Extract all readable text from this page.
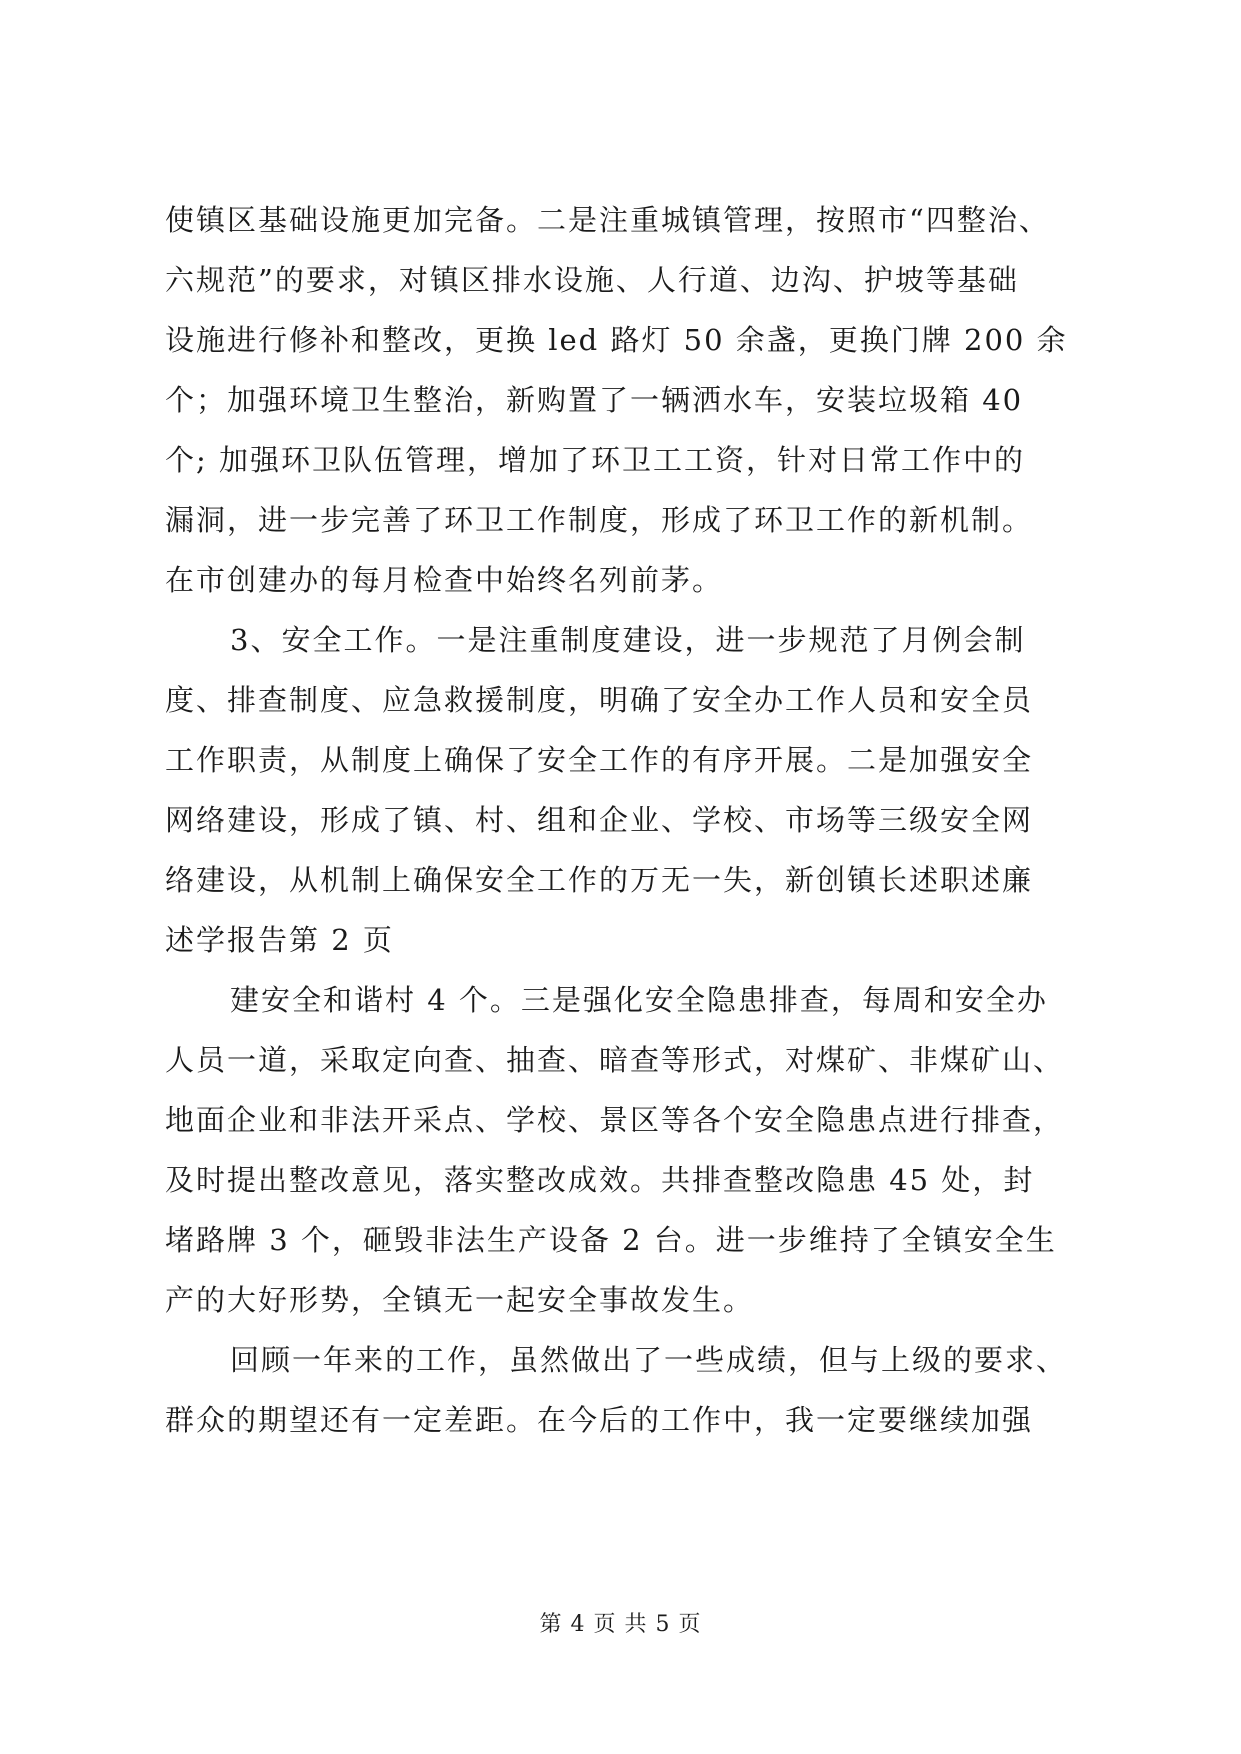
使镇区基础设施更加完备。二是注重城镇管理，按照市“四整治、
六规范”的要求，对镇区排水设施、人行道、边沟、护坡等基础
设施进行修补和整改，更换 led 路灯 50 余盏，更换门牌 200 余
个；加强环境卫生整治，新购置了一辆洒水车，安装垃圾箱 40
个; 加强环卫队伍管理，增加了环卫工工资，针对日常工作中的
漏洞，进一步完善了环卫工作制度，形成了环卫工作的新机制。
在市创建办的每月检查中始终名列前茅。
3、安全工作。一是注重制度建设，进一步规范了月例会制
度、排查制度、应急救援制度，明确了安全办工作人员和安全员
工作职责，从制度上确保了安全工作的有序开展。二是加强安全
网络建设，形成了镇、村、组和企业、学校、市场等三级安全网
络建设，从机制上确保安全工作的万无一失，新创镇长述职述廉
述学报告第 2 页
建安全和谐村 4 个。三是强化安全隐患排查，每周和安全办
人员一道，采取定向查、抽查、暗查等形式，对煤矿、非煤矿山、
地面企业和非法开采点、学校、景区等各个安全隐患点进行排查，
及时提出整改意见，落实整改成效。共排查整改隐患 45 处，封
堵路牌 3 个，砸毁非法生产设备 2 台。进一步维持了全镇安全生
产的大好形势，全镇无一起安全事故发生。
回顾一年来的工作，虽然做出了一些成绩，但与上级的要求、
群众的期望还有一定差距。在今后的工作中，我一定要继续加强
第 4 页 共 5 页
